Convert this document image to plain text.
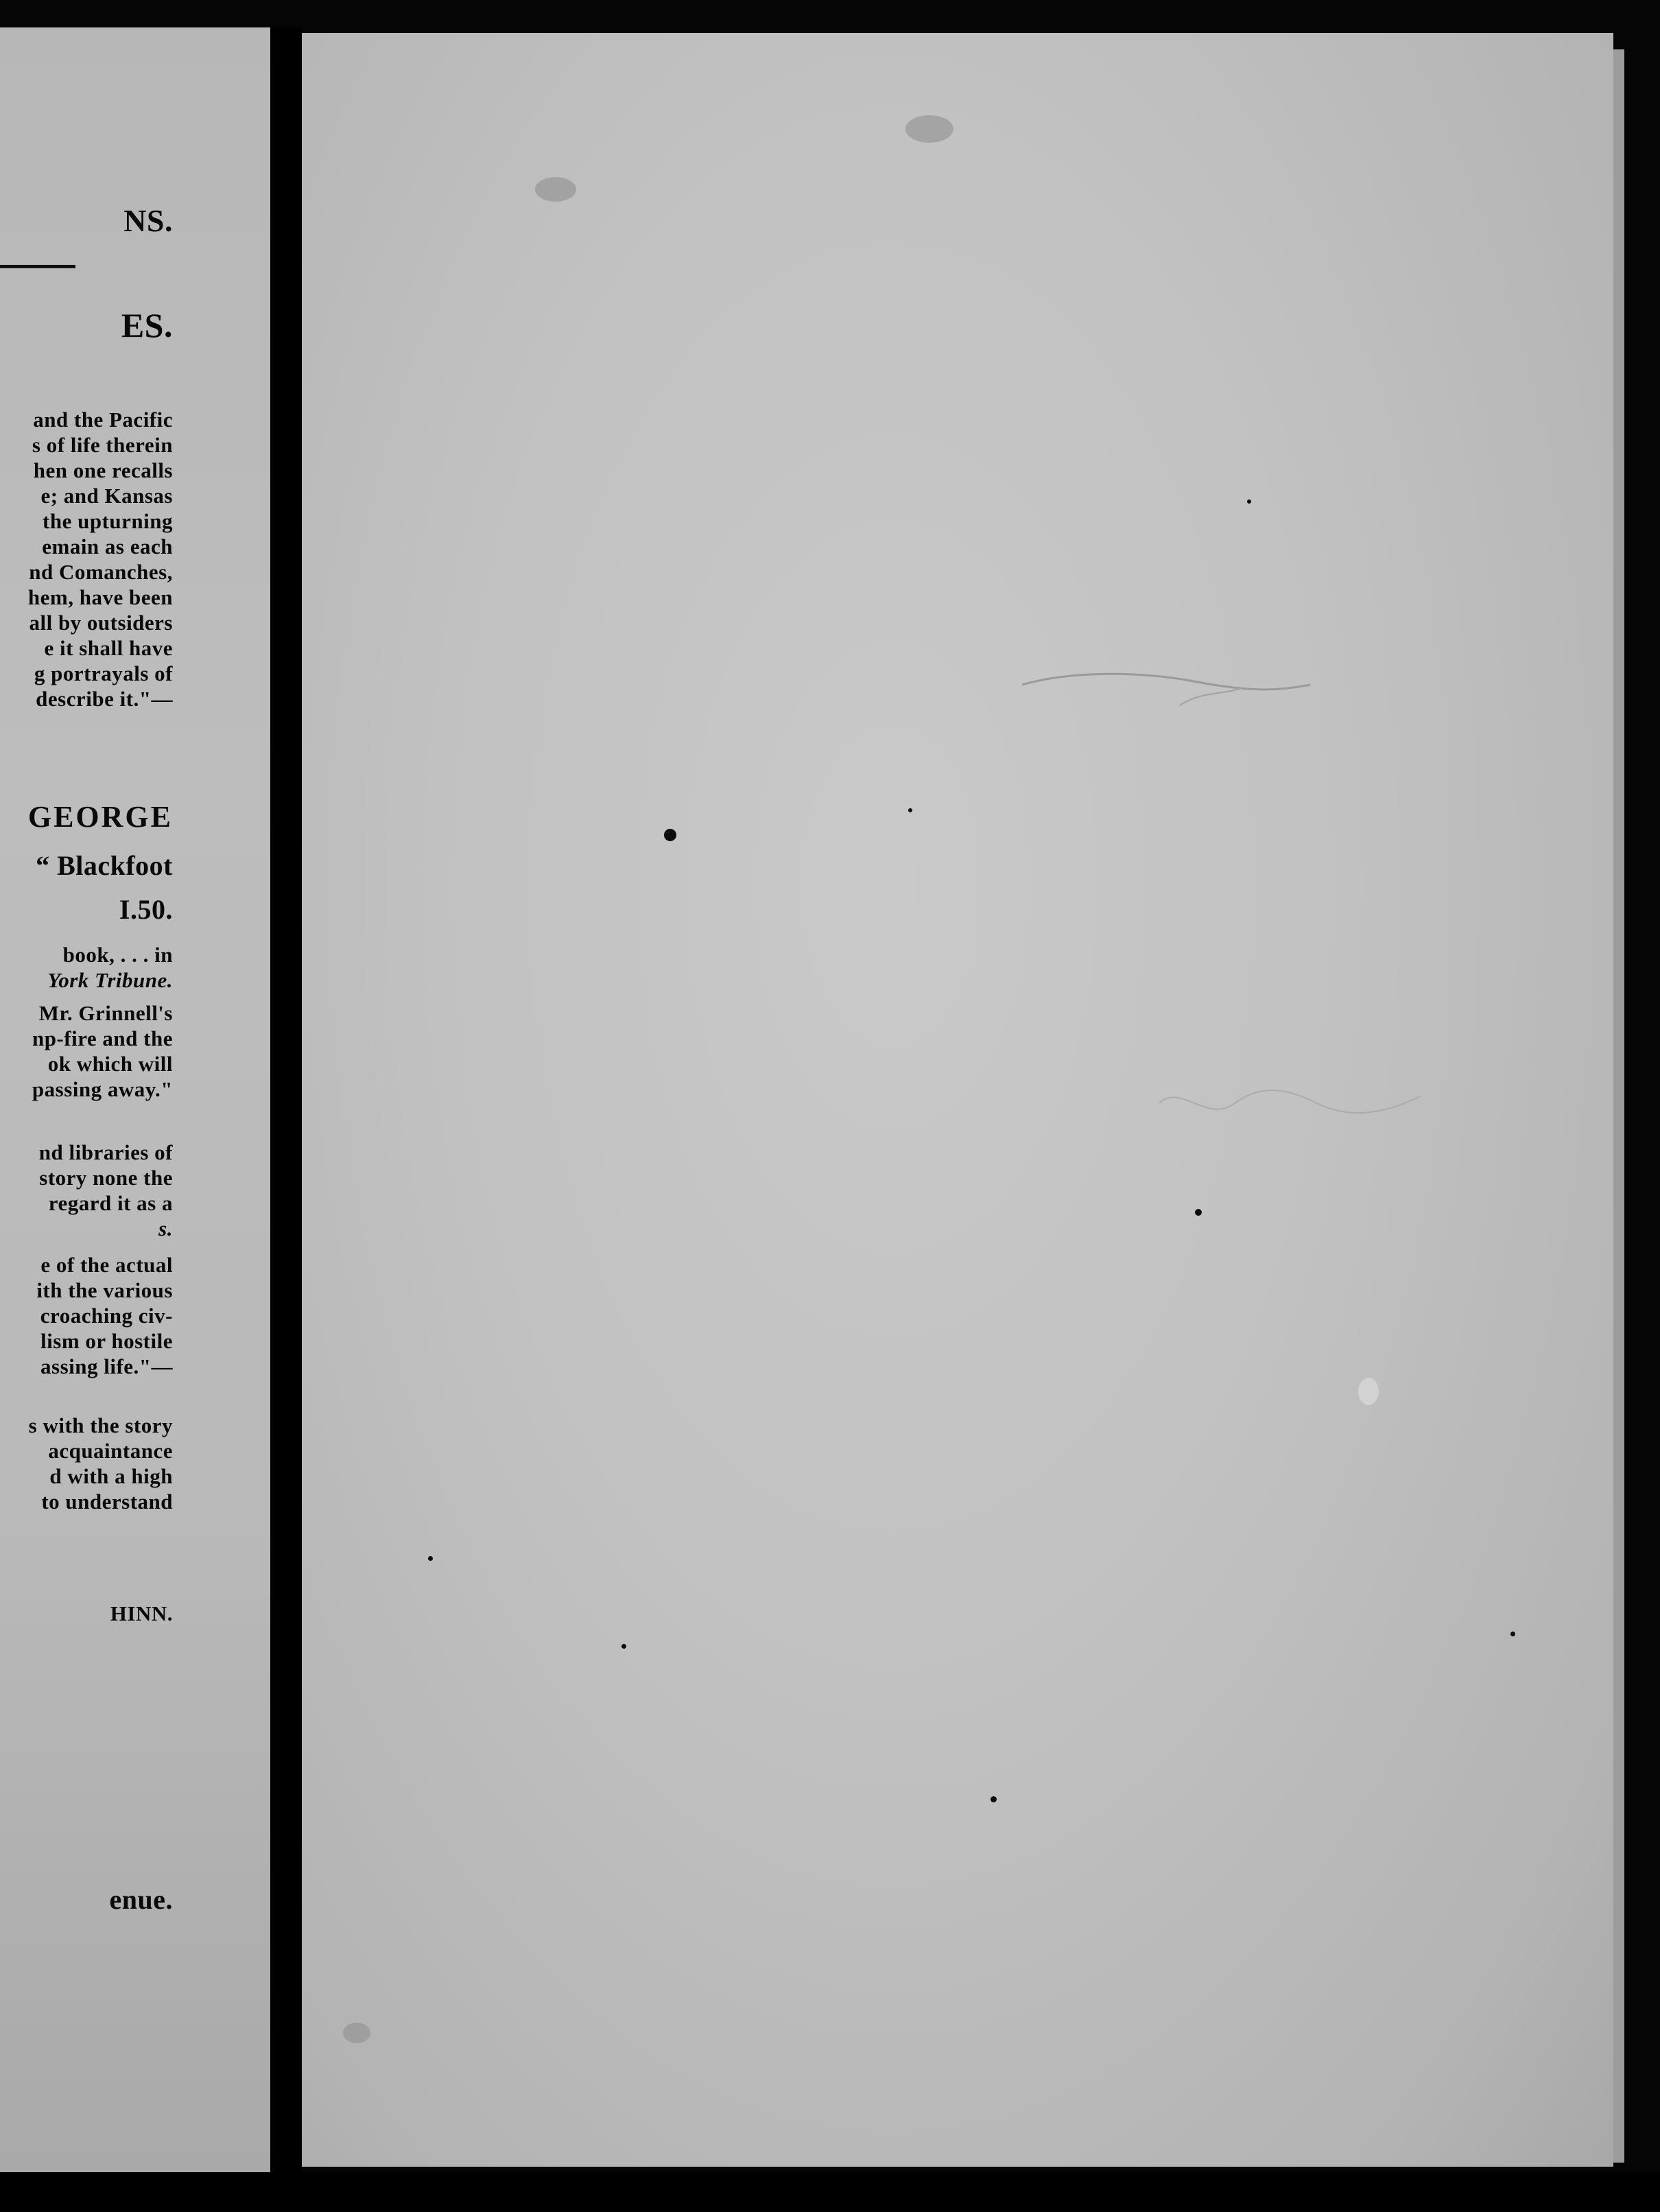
NS.
ES.
and the Pacific
s of life therein
hen one recalls
e; and Kansas
the upturning
emain as each
nd Comanches,
hem, have been
all by outsiders
e it shall have
g portrayals of
describe it."—
GEORGE
“ Blackfoot
I.50.
book, . . . in
York Tribune.
Mr. Grinnell's
np-fire and the
ok which will
passing away."
nd libraries of
story none the
regard it as a
s.
e of the actual
ith the various
croaching civ-
lism or hostile
assing life."—
s with the story
acquaintance
d with a high
to understand
HINN.
enue.
